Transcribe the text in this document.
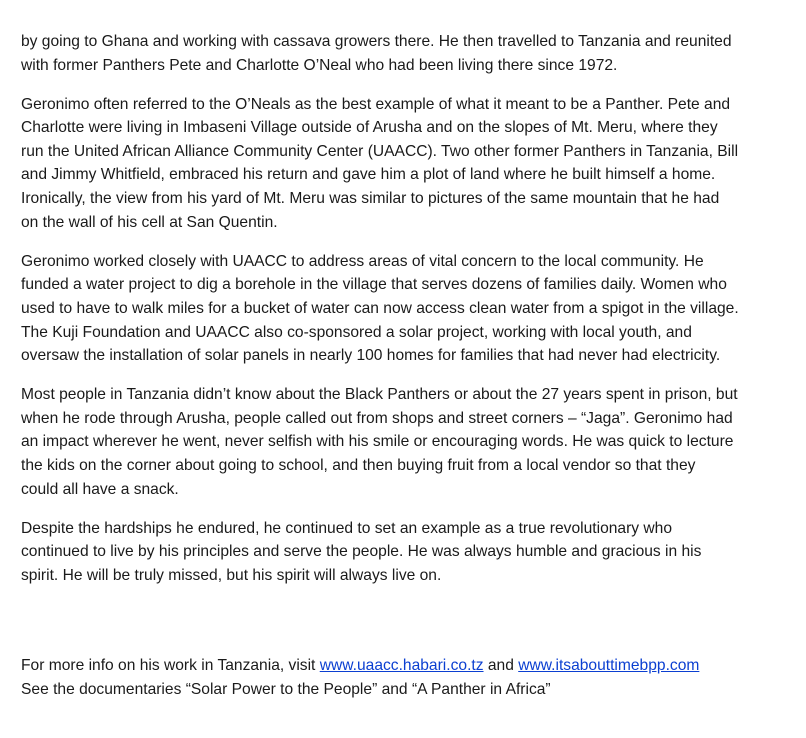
by going to Ghana and working with cassava growers there. He then travelled to Tanzania and reunited
with former Panthers Pete and Charlotte O’Neal who had been living there since 1972.
Geronimo often referred to the O’Neals as the best example of what it meant to be a Panther. Pete and
Charlotte were living in Imbaseni Village outside of Arusha and on the slopes of Mt. Meru, where they
run the United African Alliance Community Center (UAACC). Two other former Panthers in Tanzania, Bill
and Jimmy Whitfield, embraced his return and gave him a plot of land where he built himself a home.
Ironically, the view from his yard of Mt. Meru was similar to pictures of the same mountain that he had
on the wall of his cell at San Quentin.
Geronimo worked closely with UAACC to address areas of vital concern to the local community. He
funded a water project to dig a borehole in the village that serves dozens of families daily. Women who
used to have to walk miles for a bucket of water can now access clean water from a spigot in the village.
The Kuji Foundation and UAACC also co-sponsored a solar project, working with local youth, and
oversaw the installation of solar panels in nearly 100 homes for families that had never had electricity.
Most people in Tanzania didn’t know about the Black Panthers or about the 27 years spent in prison, but
when he rode through Arusha, people called out from shops and street corners – “Jaga”. Geronimo had
an impact wherever he went, never selfish with his smile or encouraging words. He was quick to lecture
the kids on the corner about going to school, and then buying fruit from a local vendor so that they
could all have a snack.
Despite the hardships he endured, he continued to set an example as a true revolutionary who
continued to live by his principles and serve the people. He was always humble and gracious in his
spirit. He will be truly missed, but his spirit will always live on.
For more info on his work in Tanzania, visit www.uaacc.habari.co.tz and www.itsabouttimebpp.com
See the documentaries “Solar Power to the People” and “A Panther in Africa”
